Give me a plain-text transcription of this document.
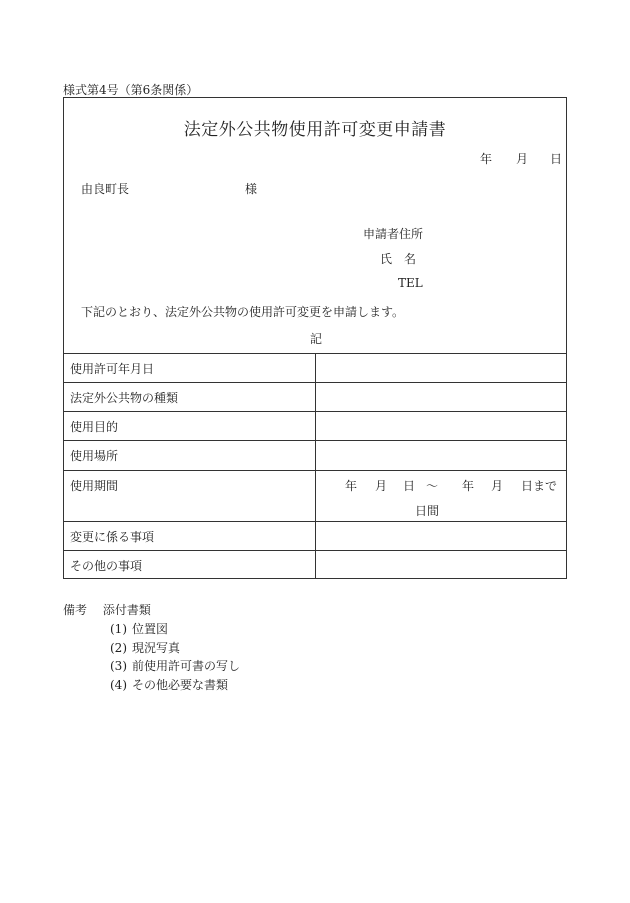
様式第4号（第6条関係）
法定外公共物使用許可変更申請書
年 月 日
由良町長	様
申請者住所
氏　名
TEL
下記のとおり、法定外公共物の使用許可変更を申請します。
記
使用許可年月日
法定外公共物の種類
使用目的
使用場所
使用期間
変更に係る事項
その他の事項
年 月 日 〜 年 月 日まで
日間
備考 添付書類
(1) 位置図
(2) 現況写真
(3) 前使用許可書の写し
(4) その他必要な書類
